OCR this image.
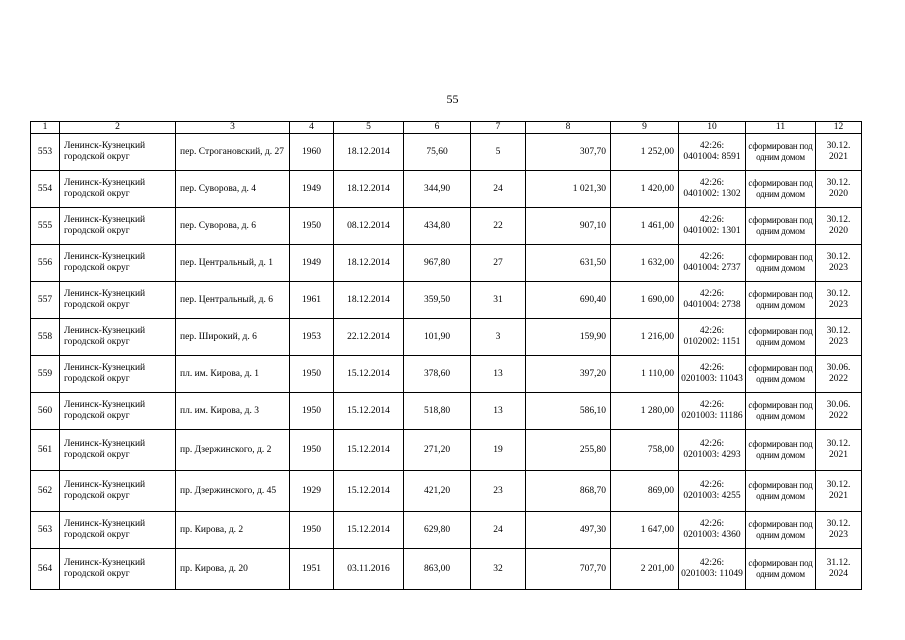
55
1	2	3	4	5	6	7	8	9	10	11	12
553	Ленинск-Кузнецкий городской округ	пер. Строгановский, д. 27	1960	18.12.2014	75,60	5	307,70	1 252,00	42:26: 0401004: 8591	сформирован под одним домом	30.12. 2021
554	Ленинск-Кузнецкий городской округ	пер. Суворова, д. 4	1949	18.12.2014	344,90	24	1 021,30	1 420,00	42:26: 0401002: 1302	сформирован под одним домом	30.12. 2020
555	Ленинск-Кузнецкий городской округ	пер. Суворова, д. 6	1950	08.12.2014	434,80	22	907,10	1 461,00	42:26: 0401002: 1301	сформирован под одним домом	30.12. 2020
556	Ленинск-Кузнецкий городской округ	пер. Центральный, д. 1	1949	18.12.2014	967,80	27	631,50	1 632,00	42:26: 0401004: 2737	сформирован под одним домом	30.12. 2023
557	Ленинск-Кузнецкий городской округ	пер. Центральный, д. 6	1961	18.12.2014	359,50	31	690,40	1 690,00	42:26: 0401004: 2738	сформирован под одним домом	30.12. 2023
558	Ленинск-Кузнецкий городской округ	пер. Широкий, д. 6	1953	22.12.2014	101,90	3	159,90	1 216,00	42:26: 0102002: 1151	сформирован под одним домом	30.12. 2023
559	Ленинск-Кузнецкий городской округ	пл. им. Кирова, д. 1	1950	15.12.2014	378,60	13	397,20	1 110,00	42:26: 0201003: 11043	сформирован под одним домом	30.06. 2022
560	Ленинск-Кузнецкий городской округ	пл. им. Кирова, д. 3	1950	15.12.2014	518,80	13	586,10	1 280,00	42:26: 0201003: 11186	сформирован под одним домом	30.06. 2022
561	Ленинск-Кузнецкий городской округ	пр. Дзержинского, д. 2	1950	15.12.2014	271,20	19	255,80	758,00	42:26: 0201003: 4293	сформирован под одним домом	30.12. 2021
562	Ленинск-Кузнецкий городской округ	пр. Дзержинского, д. 45	1929	15.12.2014	421,20	23	868,70	869,00	42:26: 0201003: 4255	сформирован под одним домом	30.12. 2021
563	Ленинск-Кузнецкий городской округ	пр. Кирова, д. 2	1950	15.12.2014	629,80	24	497,30	1 647,00	42:26: 0201003: 4360	сформирован под одним домом	30.12. 2023
564	Ленинск-Кузнецкий городской округ	пр. Кирова, д. 20	1951	03.11.2016	863,00	32	707,70	2 201,00	42:26: 0201003: 11049	сформирован под одним домом	31.12. 2024
